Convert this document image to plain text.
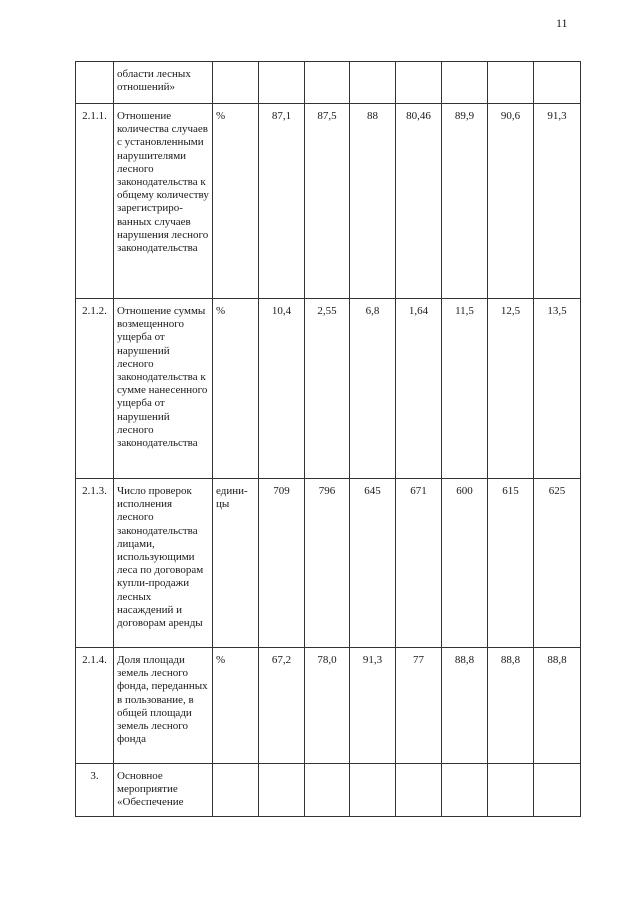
11
	области лесных отношений»								
2.1.1.	Отношение количества случаев с установленными нарушителями лесного законодательства к общему количеству зарегистриро-ванных случаев нарушения лесного законодательства	%	87,1	87,5	88	80,46	89,9	90,6	91,3
2.1.2.	Отношение суммы возмещенного ущерба от нарушений лесного законодательства к сумме нанесенного ущерба от нарушений лесного законодательства	%	10,4	2,55	6,8	1,64	11,5	12,5	13,5
2.1.3.	Число проверок исполнения лесного законодательства лицами, использующими леса по договорам купли-продажи лесных насаждений и договорам аренды	едини-цы	709	796	645	671	600	615	625
2.1.4.	Доля площади земель лесного фонда, переданных в пользование, в общей площади земель лесного фонда	%	67,2	78,0	91,3	77	88,8	88,8	88,8
3.	Основное мероприятие «Обеспечение								
